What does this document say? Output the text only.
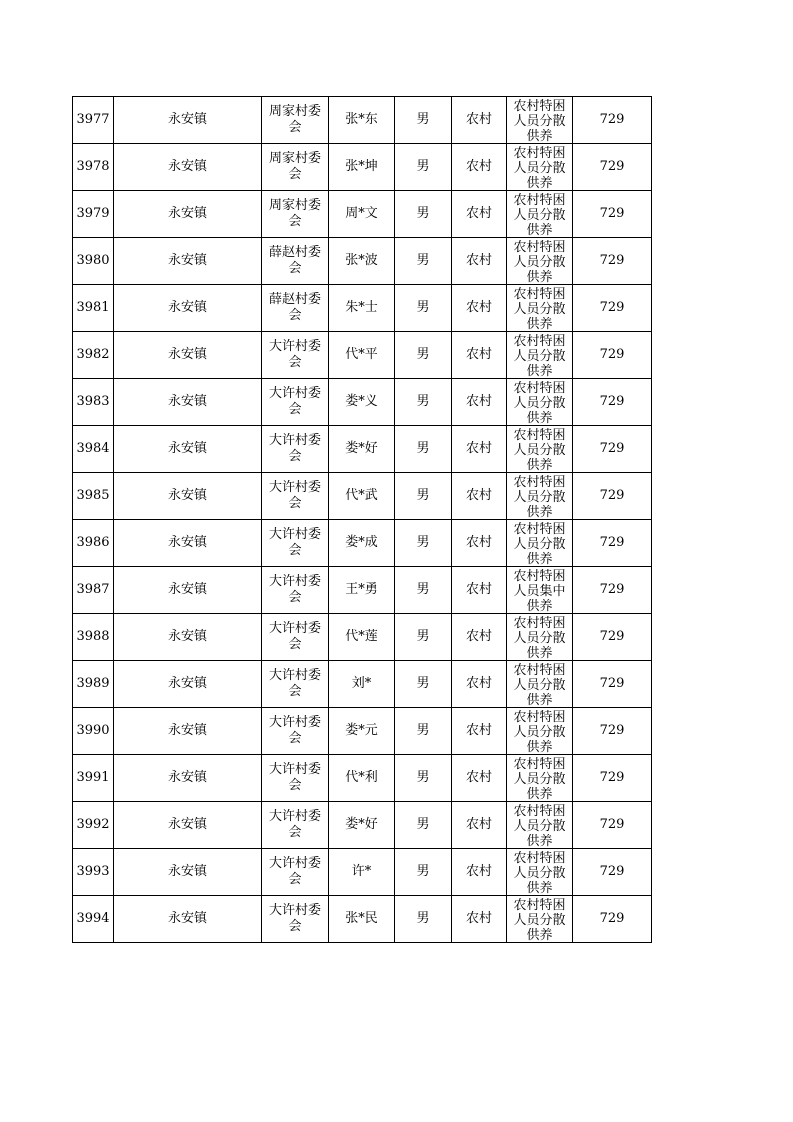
3977	永安镇	周家村委会	张*东	男	农村	农村特困人员分散供养	729
3978	永安镇	周家村委会	张*坤	男	农村	农村特困人员分散供养	729
3979	永安镇	周家村委会	周*文	男	农村	农村特困人员分散供养	729
3980	永安镇	薛赵村委会	张*波	男	农村	农村特困人员分散供养	729
3981	永安镇	薛赵村委会	朱*士	男	农村	农村特困人员分散供养	729
3982	永安镇	大许村委会	代*平	男	农村	农村特困人员分散供养	729
3983	永安镇	大许村委会	娄*义	男	农村	农村特困人员分散供养	729
3984	永安镇	大许村委会	娄*好	男	农村	农村特困人员分散供养	729
3985	永安镇	大许村委会	代*武	男	农村	农村特困人员分散供养	729
3986	永安镇	大许村委会	娄*成	男	农村	农村特困人员分散供养	729
3987	永安镇	大许村委会	王*勇	男	农村	农村特困人员集中供养	729
3988	永安镇	大许村委会	代*莲	男	农村	农村特困人员分散供养	729
3989	永安镇	大许村委会	刘*	男	农村	农村特困人员分散供养	729
3990	永安镇	大许村委会	娄*元	男	农村	农村特困人员分散供养	729
3991	永安镇	大许村委会	代*利	男	农村	农村特困人员分散供养	729
3992	永安镇	大许村委会	娄*好	男	农村	农村特困人员分散供养	729
3993	永安镇	大许村委会	许*	男	农村	农村特困人员分散供养	729
3994	永安镇	大许村委会	张*民	男	农村	农村特困人员分散供养	729
